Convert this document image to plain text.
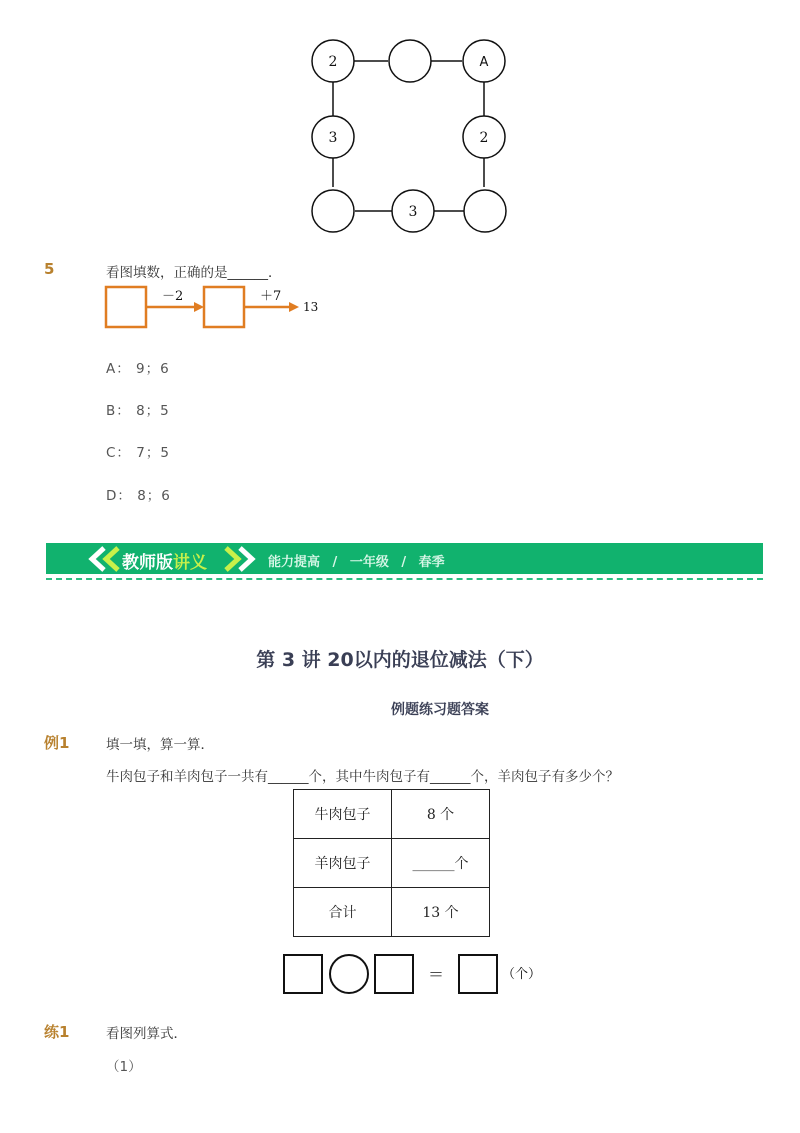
2	A
3	2
3
5	看图填数，正确的是______．
－2	＋7
13
A： 9；6
B： 8；5
C： 7；5
D： 8；6
教师版讲义	能力提高 / 一年级 / 春季
第 3 讲 20以内的退位减法（下）
例题练习题答案
例1	填一填，算一算．
牛肉包子和羊肉包子一共有______个，其中牛肉包子有______个，羊肉包子有多少个？
牛肉包子	8 个
羊肉包子	______个
合计	13 个
＝	（个）
练1	看图列算式．
（1）
